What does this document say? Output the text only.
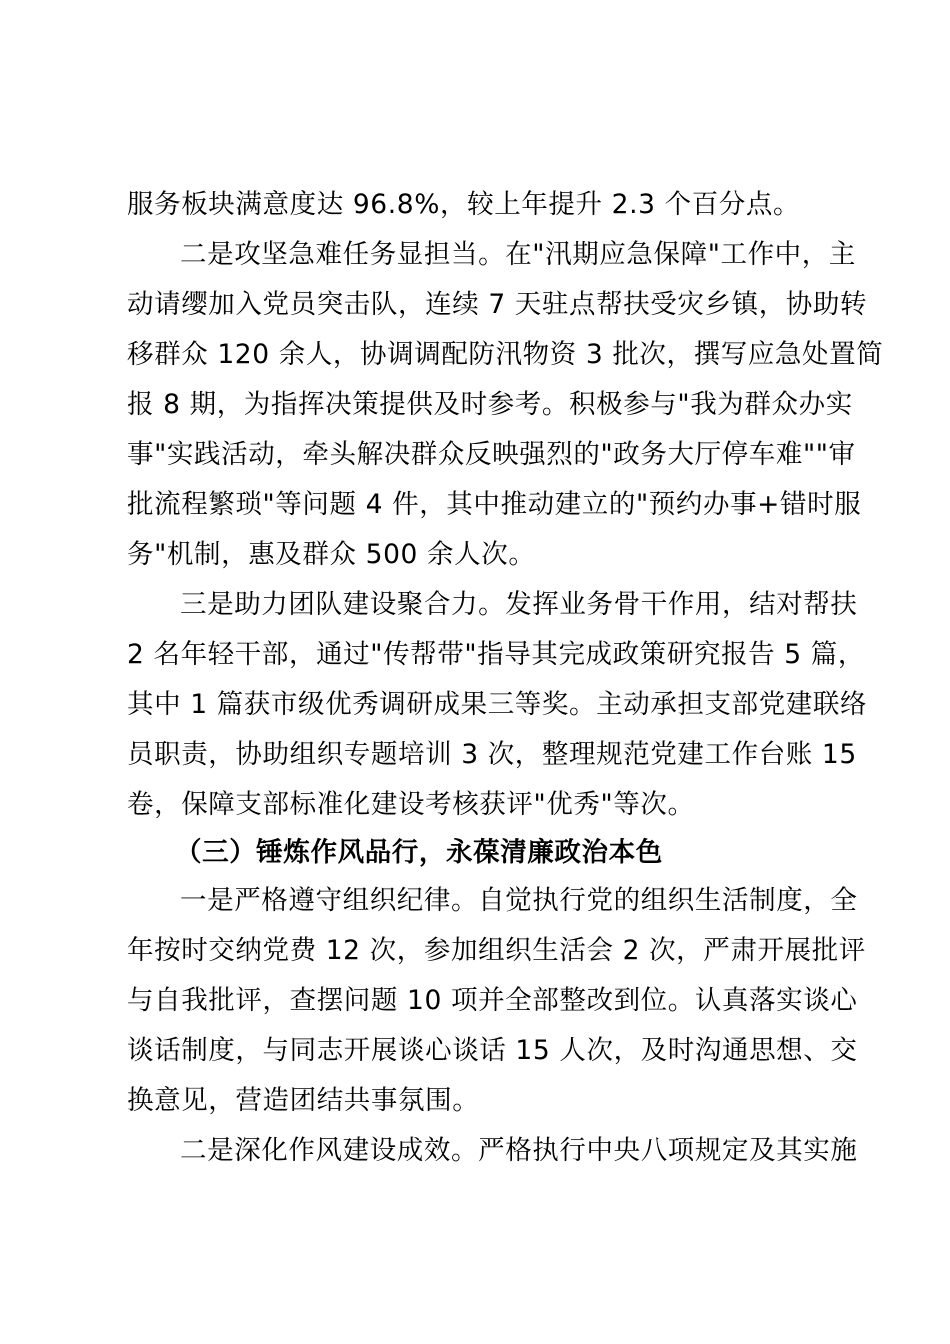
服务板块满意度达 96.8%，较上年提升 2.3 个百分点。
二是攻坚急难任务显担当。在"汛期应急保障"工作中，主
动请缨加入党员突击队，连续 7 天驻点帮扶受灾乡镇，协助转
移群众 120 余人，协调调配防汛物资 3 批次，撰写应急处置简
报 8 期，为指挥决策提供及时参考。积极参与"我为群众办实
事"实践活动，牵头解决群众反映强烈的"政务大厅停车难""审
批流程繁琐"等问题 4 件，其中推动建立的"预约办事+错时服
务"机制，惠及群众 500 余人次。
三是助力团队建设聚合力。发挥业务骨干作用，结对帮扶
2 名年轻干部，通过"传帮带"指导其完成政策研究报告 5 篇，
其中 1 篇获市级优秀调研成果三等奖。主动承担支部党建联络
员职责，协助组织专题培训 3 次，整理规范党建工作台账 15
卷，保障支部标准化建设考核获评"优秀"等次。
（三）锤炼作风品行，永葆清廉政治本色
一是严格遵守组织纪律。自觉执行党的组织生活制度，全
年按时交纳党费 12 次，参加组织生活会 2 次，严肃开展批评
与自我批评，查摆问题 10 项并全部整改到位。认真落实谈心
谈话制度，与同志开展谈心谈话 15 人次，及时沟通思想、交
换意见，营造团结共事氛围。
二是深化作风建设成效。严格执行中央八项规定及其实施
